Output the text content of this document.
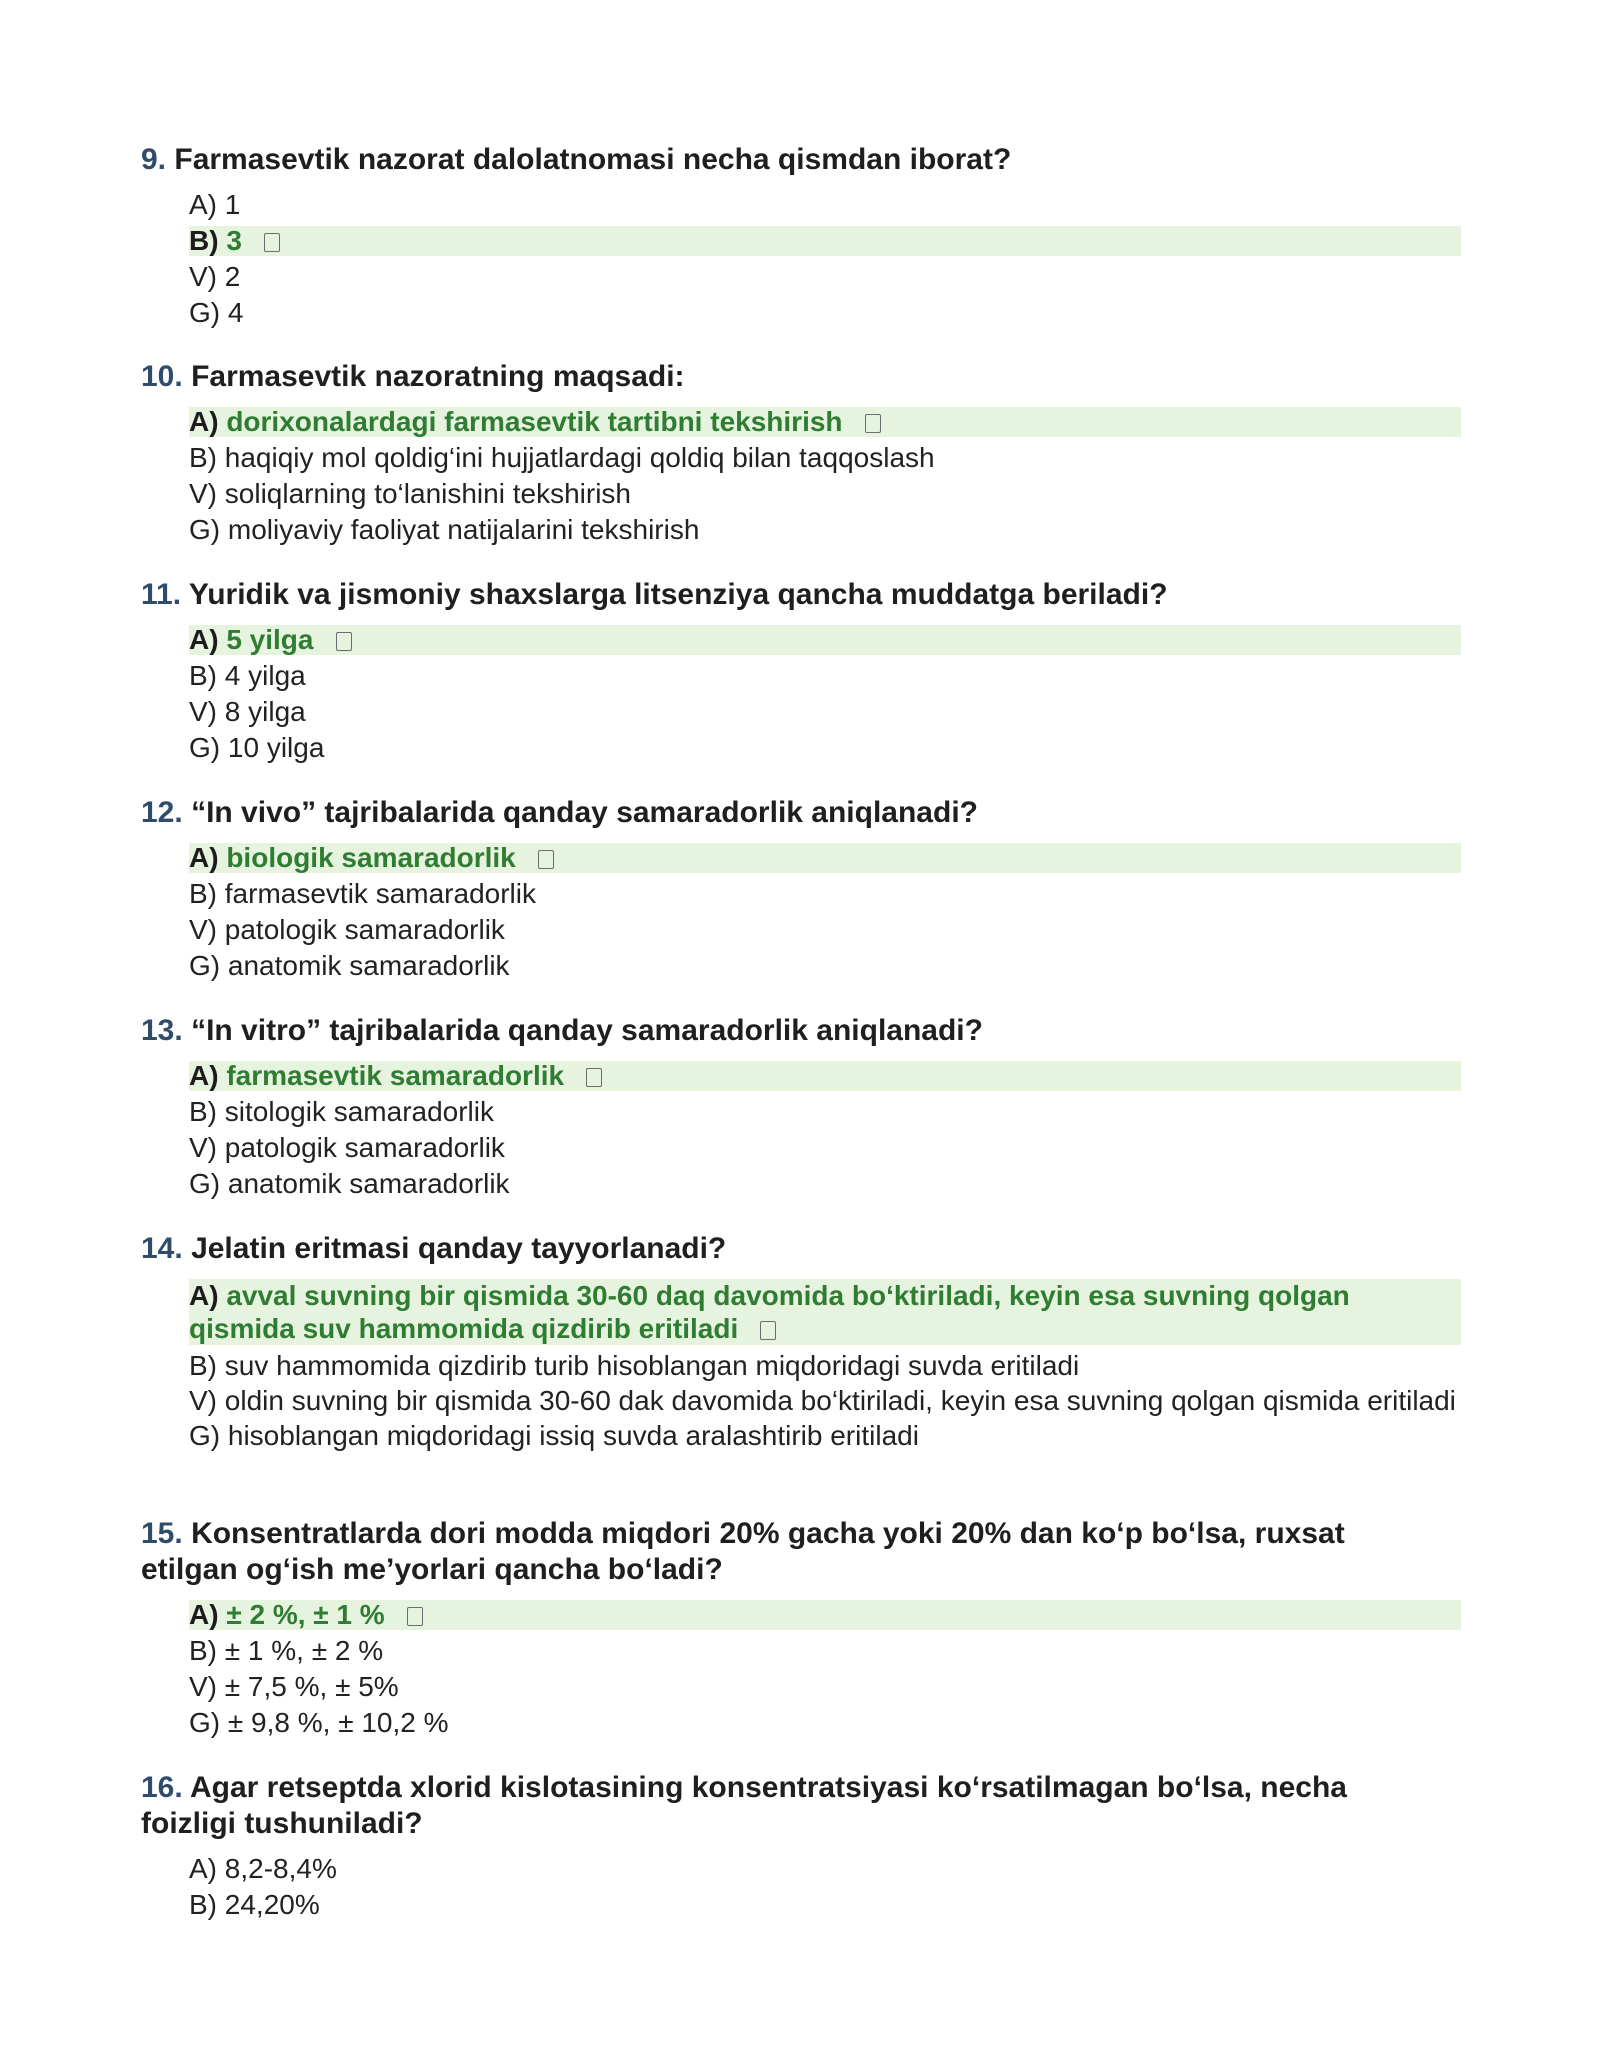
9. Farmasevtik nazorat dalolatnomasi necha qismdan iborat?

A) 1
B) 3
V) 2
G) 4

10. Farmasevtik nazoratning maqsadi:

A) dorixonalardagi farmasevtik tartibni tekshirish
B) haqiqiy mol qoldig‘ini hujjatlardagi qoldiq bilan taqqoslash
V) soliqlarning to‘lanishini tekshirish
G) moliyaviy faoliyat natijalarini tekshirish

11. Yuridik va jismoniy shaxslarga litsenziya qancha muddatga beriladi?

A) 5 yilga
B) 4 yilga
V) 8 yilga
G) 10 yilga

12. “In vivo” tajribalarida qanday samaradorlik aniqlanadi?

A) biologik samaradorlik
B) farmasevtik samaradorlik
V) patologik samaradorlik
G) anatomik samaradorlik

13. “In vitro” tajribalarida qanday samaradorlik aniqlanadi?

A) farmasevtik samaradorlik
B) sitologik samaradorlik
V) patologik samaradorlik
G) anatomik samaradorlik

14. Jelatin eritmasi qanday tayyorlanadi?

A) avval suvning bir qismida 30-60 daq davomida bo‘ktiriladi, keyin esa suvning qolgan qismida suv hammomida qizdirib eritiladi
B) suv hammomida qizdirib turib hisoblangan miqdoridagi suvda eritiladi
V) oldin suvning bir qismida 30-60 dak davomida bo‘ktiriladi, keyin esa suvning qolgan qismida eritiladi
G) hisoblangan miqdoridagi issiq suvda aralashtirib eritiladi

15. Konsentratlarda dori modda miqdori 20% gacha yoki 20% dan ko‘p bo‘lsa, ruxsat etilgan og‘ish me’yorlari qancha bo‘ladi?

A) ± 2 %, ± 1 %
B) ± 1 %, ± 2 %
V) ± 7,5 %, ± 5%
G) ± 9,8 %, ± 10,2 %

16. Agar retseptda xlorid kislotasining konsentratsiyasi ko‘rsatilmagan bo‘lsa, necha foizligi tushuniladi?

A) 8,2-8,4%
B) 24,20%
